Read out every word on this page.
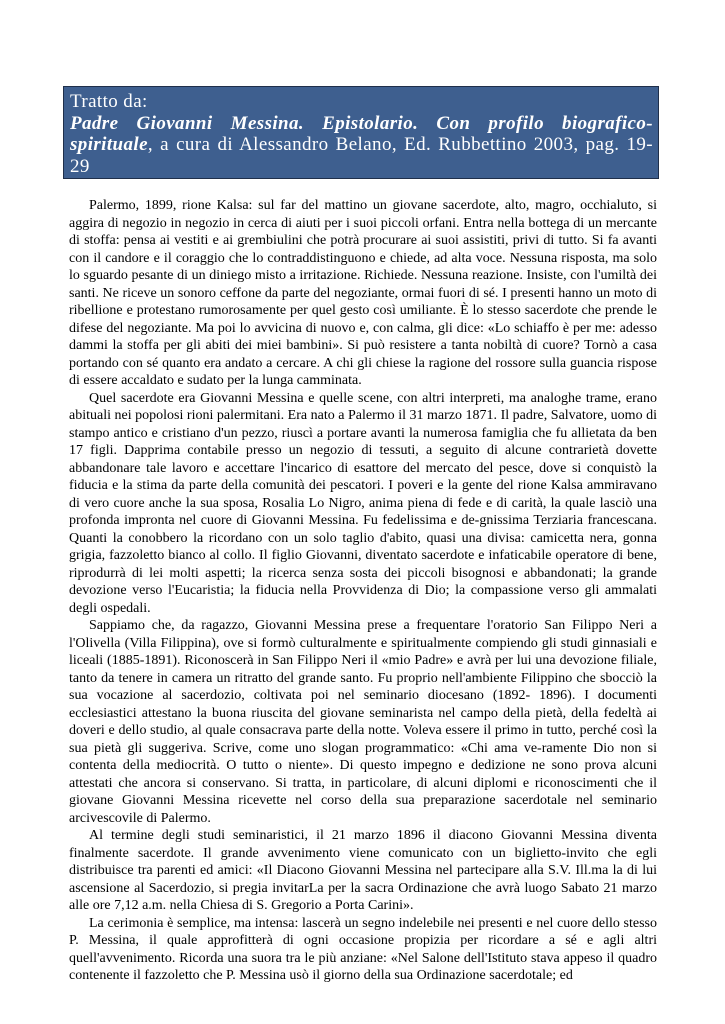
Tratto da:
Padre Giovanni Messina. Epistolario. Con profilo biografico-spirituale, a cura di Alessandro Belano, Ed. Rubbettino 2003, pag. 19-29

Palermo, 1899, rione Kalsa: sul far del mattino un giovane sacerdote, alto, magro, occhialuto, si aggira di negozio in negozio in cerca di aiuti per i suoi piccoli orfani. Entra nella bottega di un mercante di stoffa: pensa ai vestiti e ai grembiulini che potrà procurare ai suoi assistiti, privi di tutto. Si fa avanti con il candore e il coraggio che lo contraddistinguono e chiede, ad alta voce. Nessuna risposta, ma solo lo sguardo pesante di un diniego misto a irritazione. Richiede. Nessuna reazione. Insiste, con l'umiltà dei santi. Ne riceve un sonoro ceffone da parte del negoziante, ormai fuori di sé. I presenti hanno un moto di ribellione e protestano rumorosamente per quel gesto così umiliante. È lo stesso sacerdote che prende le difese del negoziante. Ma poi lo avvicina di nuovo e, con calma, gli dice: «Lo schiaffo è per me: adesso dammi la stoffa per gli abiti dei miei bambini». Si può resistere a tanta nobiltà di cuore? Tornò a casa portando con sé quanto era andato a cercare. A chi gli chiese la ragione del rossore sulla guancia rispose di essere accaldato e sudato per la lunga camminata.

Quel sacerdote era Giovanni Messina e quelle scene, con altri interpreti, ma analoghe trame, erano abituali nei popolosi rioni palermitani. Era nato a Palermo il 31 marzo 1871. Il padre, Salvatore, uomo di stampo antico e cristiano d'un pezzo, riuscì a portare avanti la numerosa famiglia che fu allietata da ben 17 figli. Dapprima contabile presso un negozio di tessuti, a seguito di alcune contrarietà dovette abbandonare tale lavoro e accettare l'incarico di esattore del mercato del pesce, dove si conquistò la fiducia e la stima da parte della comunità dei pescatori. I poveri e la gente del rione Kalsa ammiravano di vero cuore anche la sua sposa, Rosalia Lo Nigro, anima piena di fede e di carità, la quale lasciò una profonda impronta nel cuore di Giovanni Messina. Fu fedelissima e de-gnissima Terziaria francescana. Quanti la conobbero la ricordano con un solo taglio d'abito, quasi una divisa: camicetta nera, gonna grigia, fazzoletto bianco al collo. Il figlio Giovanni, diventato sacerdote e infaticabile operatore di bene, riprodurrà di lei molti aspetti; la ricerca senza sosta dei piccoli bisognosi e abbandonati; la grande devozione verso l'Eucaristia; la fiducia nella Provvidenza di Dio; la compassione verso gli ammalati degli ospedali.

Sappiamo che, da ragazzo, Giovanni Messina prese a frequentare l'oratorio San Filippo Neri a l'Olivella (Villa Filippina), ove si formò culturalmente e spiritualmente compiendo gli studi ginnasiali e liceali (1885-1891). Riconoscerà in San Filippo Neri il «mio Padre» e avrà per lui una devozione filiale, tanto da tenere in camera un ritratto del grande santo. Fu proprio nell'ambiente Filippino che sbocciò la sua vocazione al sacerdozio, coltivata poi nel seminario diocesano (1892- 1896). I documenti ecclesiastici attestano la buona riuscita del giovane seminarista nel campo della pietà, della fedeltà ai doveri e dello studio, al quale consacrava parte della notte. Voleva essere il primo in tutto, perché così la sua pietà gli suggeriva. Scrive, come uno slogan programmatico: «Chi ama ve-ramente Dio non si contenta della mediocrità. O tutto o niente». Di questo impegno e dedizione ne sono prova alcuni attestati che ancora si conservano. Si tratta, in particolare, di alcuni diplomi e riconoscimenti che il giovane Giovanni Messina ricevette nel corso della sua preparazione sacerdotale nel seminario arcivescovile di Palermo.

Al termine degli studi seminaristici, il 21 marzo 1896 il diacono Giovanni Messina diventa finalmente sacerdote. Il grande avvenimento viene comunicato con un biglietto-invito che egli distribuisce tra parenti ed amici: «Il Diacono Giovanni Messina nel partecipare alla S.V. Ill.ma la di lui ascensione al Sacerdozio, si pregia invitarLa per la sacra Ordinazione che avrà luogo Sabato 21 marzo alle ore 7,12 a.m. nella Chiesa di S. Gregorio a Porta Carini».

La cerimonia è semplice, ma intensa: lascerà un segno indelebile nei presenti e nel cuore dello stesso P. Messina, il quale approfitterà di ogni occasione propizia per ricordare a sé e agli altri quell'avvenimento. Ricorda una suora tra le più anziane: «Nel Salone dell'Istituto stava appeso il quadro contenente il fazzoletto che P. Messina usò il giorno della sua Ordinazione sacerdotale; ed
